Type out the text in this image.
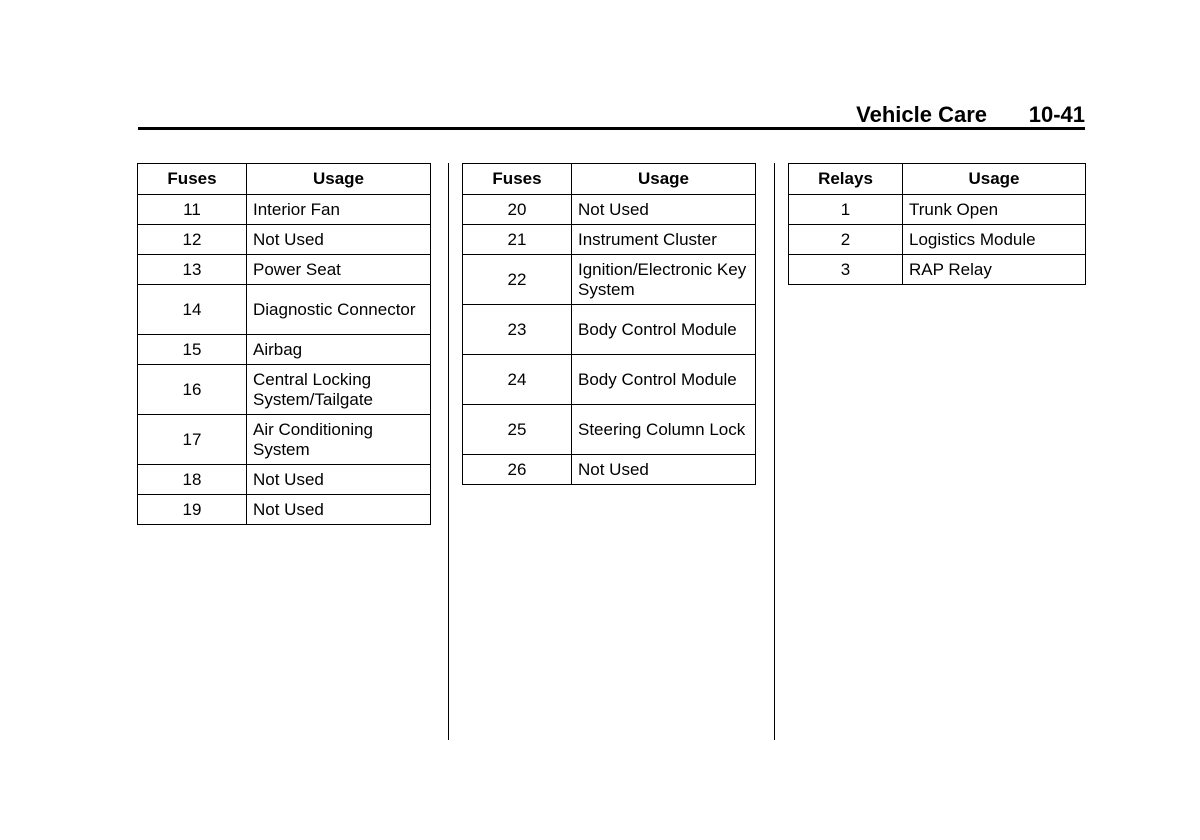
Vehicle Care 10-41
Fuses	Usage
11	Interior Fan
12	Not Used
13	Power Seat
14	Diagnostic Connector
15	Airbag
16	Central Locking System/Tailgate
17	Air Conditioning System
18	Not Used
19	Not Used
Fuses	Usage
20	Not Used
21	Instrument Cluster
22	Ignition/Electronic Key System
23	Body Control Module
24	Body Control Module
25	Steering Column Lock
26	Not Used
Relays	Usage
1	Trunk Open
2	Logistics Module
3	RAP Relay
